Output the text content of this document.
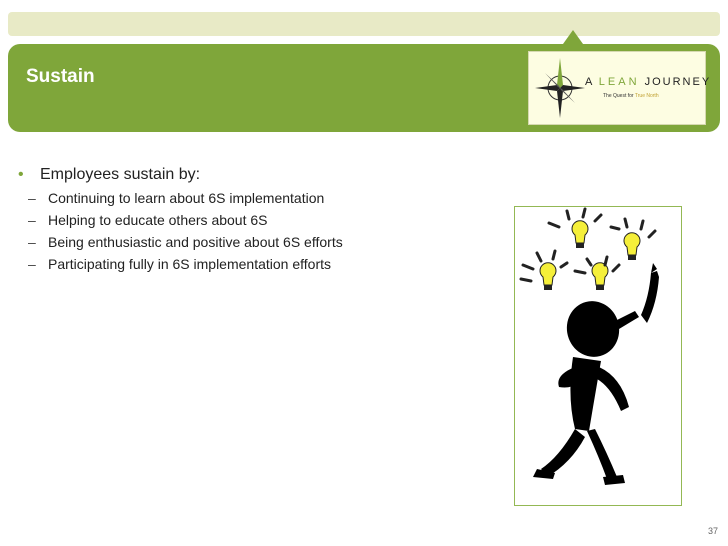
Sustain	A LEAN JOURNEY
The Quest for True North
•	Employees sustain by:
– Continuing to learn about 6S implementation
– Helping to educate others about 6S
– Being enthusiastic and positive about 6S efforts
– Participating fully in 6S implementation efforts
37
